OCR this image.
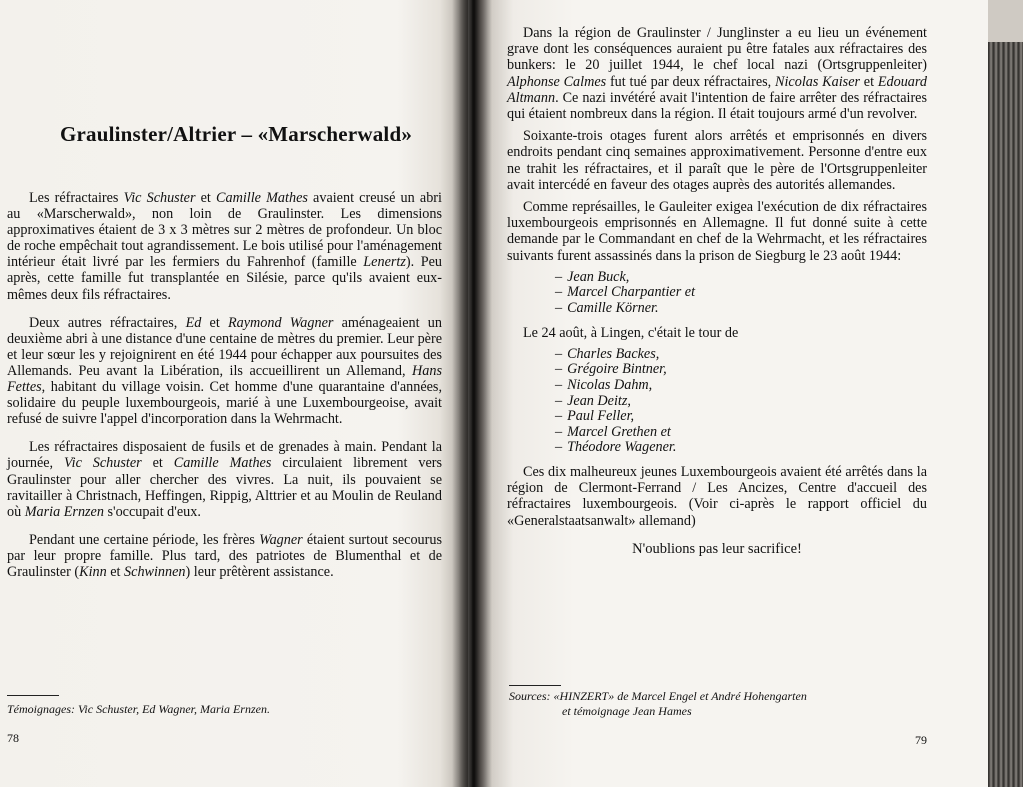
Graulinster/Altrier – «Marscherwald»

Les réfractaires Vic Schuster et Camille Mathes avaient creusé un abri au «Marscherwald», non loin de Graulinster. Les dimensions approximatives étaient de 3 x 3 mètres sur 2 mètres de profondeur. Un bloc de roche empêchait tout agrandissement. Le bois utilisé pour l'aménagement intérieur était livré par les fermiers du Fahrenhof (famille Lenertz). Peu après, cette famille fut transplantée en Silésie, parce qu'ils avaient eux-mêmes deux fils réfractaires.

Deux autres réfractaires, Ed et Raymond Wagner aménageaient un deuxième abri à une distance d'une centaine de mètres du premier. Leur père et leur sœur les y rejoignirent en été 1944 pour échapper aux poursuites des Allemands. Peu avant la Libération, ils accueillirent un Allemand, Hans Fettes, habitant du village voisin. Cet homme d'une quarantaine d'années, solidaire du peuple luxembourgeois, marié à une Luxembourgeoise, avait refusé de suivre l'appel d'incorporation dans la Wehrmacht.

Les réfractaires disposaient de fusils et de grenades à main. Pendant la journée, Vic Schuster et Camille Mathes circulaient librement vers Graulinster pour aller chercher des vivres. La nuit, ils pouvaient se ravitailler à Christnach, Heffingen, Rippig, Alttrier et au Moulin de Reuland où Maria Ernzen s'occupait d'eux.

Pendant une certaine période, les frères Wagner étaient surtout secourus par leur propre famille. Plus tard, des patriotes de Blumenthal et de Graulinster (Kinn et Schwinnen) leur prêtèrent assistance.

Témoignages: Vic Schuster, Ed Wagner, Maria Ernzen.
78

Dans la région de Graulinster / Junglinster a eu lieu un événement grave dont les conséquences auraient pu être fatales aux réfractaires des bunkers: le 20 juillet 1944, le chef local nazi (Ortsgruppenleiter) Alphonse Calmes fut tué par deux réfractaires, Nicolas Kaiser et Edouard Altmann. Ce nazi invétéré avait l'intention de faire arrêter des réfractaires qui étaient nombreux dans la région. Il était toujours armé d'un revolver.

Soixante-trois otages furent alors arrêtés et emprisonnés en divers endroits pendant cinq semaines approximativement. Personne d'entre eux ne trahit les réfractaires, et il paraît que le père de l'Ortsgruppenleiter avait intercédé en faveur des otages auprès des autorités allemandes.

Comme représailles, le Gauleiter exigea l'exécution de dix réfractaires luxembourgeois emprisonnés en Allemagne. Il fut donné suite à cette demande par le Commandant en chef de la Wehrmacht, et les réfractaires suivants furent assassinés dans la prison de Siegburg le 23 août 1944:

– Jean Buck,
– Marcel Charpantier et
– Camille Körner.

Le 24 août, à Lingen, c'était le tour de

– Charles Backes,
– Grégoire Bintner,
– Nicolas Dahm,
– Jean Deitz,
– Paul Feller,
– Marcel Grethen et
– Théodore Wagener.

Ces dix malheureux jeunes Luxembourgeois avaient été arrêtés dans la région de Clermont-Ferrand / Les Ancizes, Centre d'accueil des réfractaires luxembourgeois. (Voir ci-après le rapport officiel du «Generalstaatsanwalt» allemand)

N'oublions pas leur sacrifice!
Sources: «HINZERT» de Marcel Engel et André Hohengarten
et témoignage Jean Hames
79
